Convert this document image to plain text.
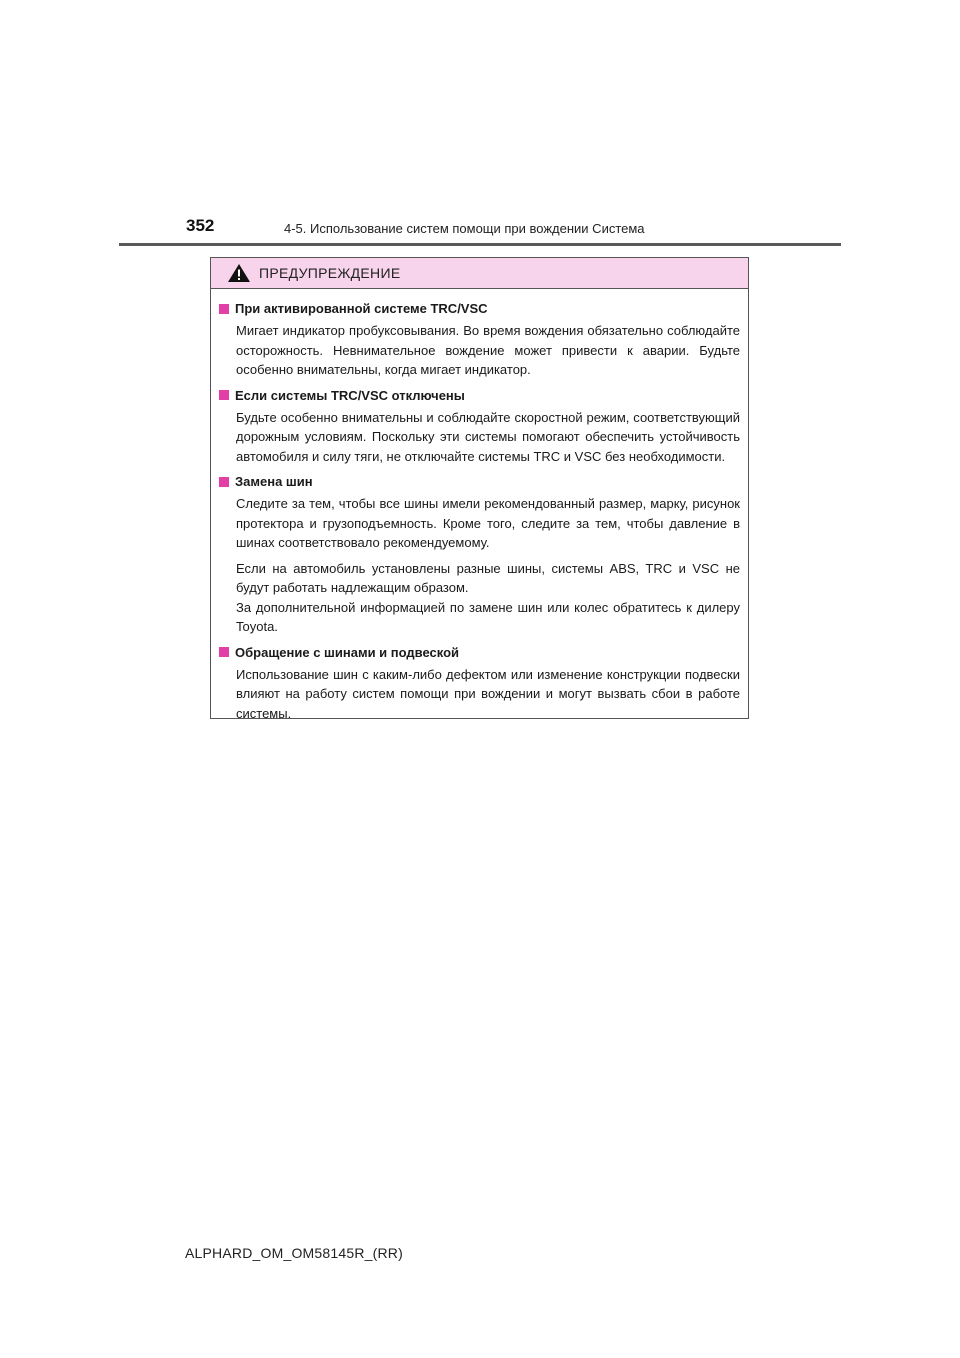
352	4-5. Использование систем помощи при вождении Система
ПРЕДУПРЕЖДЕНИЕ
При активированной системе TRC/VSC

Мигает индикатор пробуксовывания. Во время вождения обязательно соблюдайте осторожность. Невнимательное вождение может привести к аварии. Будьте особенно внимательны, когда мигает индикатор.

Если системы TRC/VSC отключены

Будьте особенно внимательны и соблюдайте скоростной режим, соответствующий дорожным условиям. Поскольку эти системы помогают обеспечить устойчивость автомобиля и силу тяги, не отключайте системы TRC и VSC без необходимости.

Замена шин

Следите за тем, чтобы все шины имели рекомендованный размер, марку, рисунок протектора и грузоподъемность. Кроме того, следите за тем, чтобы давление в шинах соответствовало рекомендуемому.

Если на автомобиль установлены разные шины, системы ABS, TRC и VSC не будут работать надлежащим образом.
За дополнительной информацией по замене шин или колес обратитесь к дилеру Toyota.

Обращение с шинами и подвеской

Использование шин с каким-либо дефектом или изменение конструкции подвески влияют на работу систем помощи при вождении и могут вызвать сбои в работе системы.

ALPHARD_OM_OM58145R_(RR)
